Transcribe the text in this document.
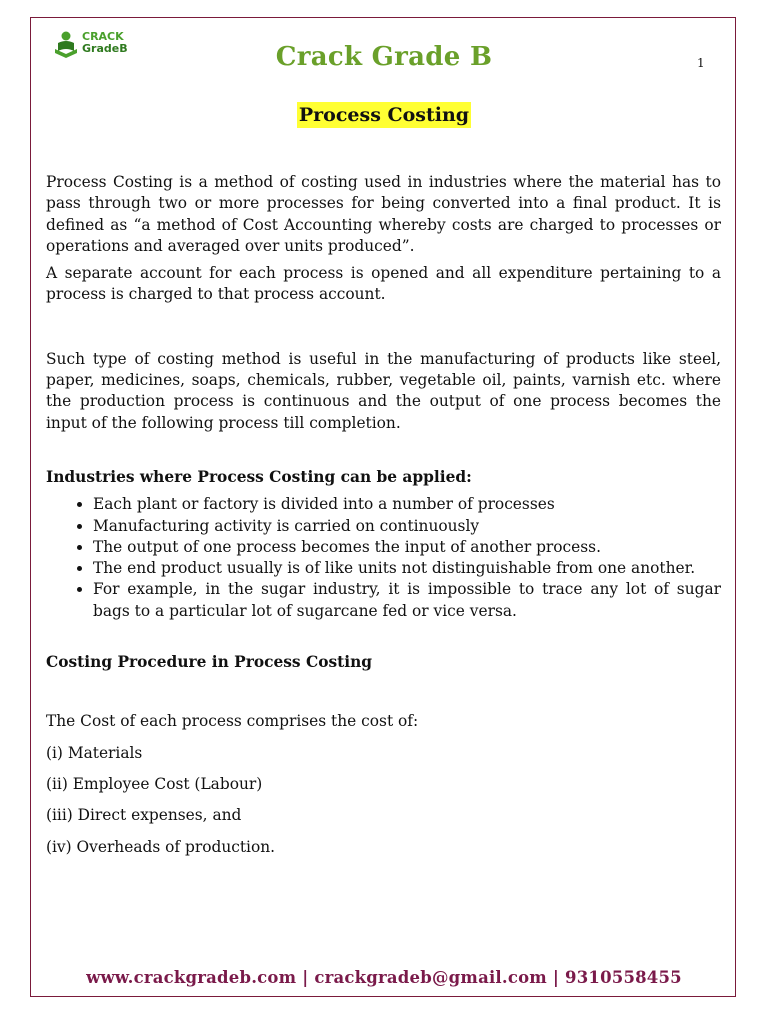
CRACK
GradeB	Crack Grade B	1
Process Costing

Process Costing is a method of costing used in industries where the material has to pass through two or more processes for being converted into a final product. It is defined as “a method of Cost Accounting whereby costs are charged to processes or operations and averaged over units produced”.

A separate account for each process is opened and all expenditure pertaining to a process is charged to that process account.

Such type of costing method is useful in the manufacturing of products like steel, paper, medicines, soaps, chemicals, rubber, vegetable oil, paints, varnish etc. where the production process is continuous and the output of one process becomes the input of the following process till completion.

Industries where Process Costing can be applied:

• Each plant or factory is divided into a number of processes
• Manufacturing activity is carried on continuously
• The output of one process becomes the input of another process.
• The end product usually is of like units not distinguishable from one another.
• For example, in the sugar industry, it is impossible to trace any lot of sugar bags to a particular lot of sugarcane fed or vice versa.

Costing Procedure in Process Costing

The Cost of each process comprises the cost of:

(i) Materials

(ii) Employee Cost (Labour)

(iii) Direct expenses, and

(iv) Overheads of production.

www.crackgradeb.com | crackgradeb@gmail.com | 9310558455
